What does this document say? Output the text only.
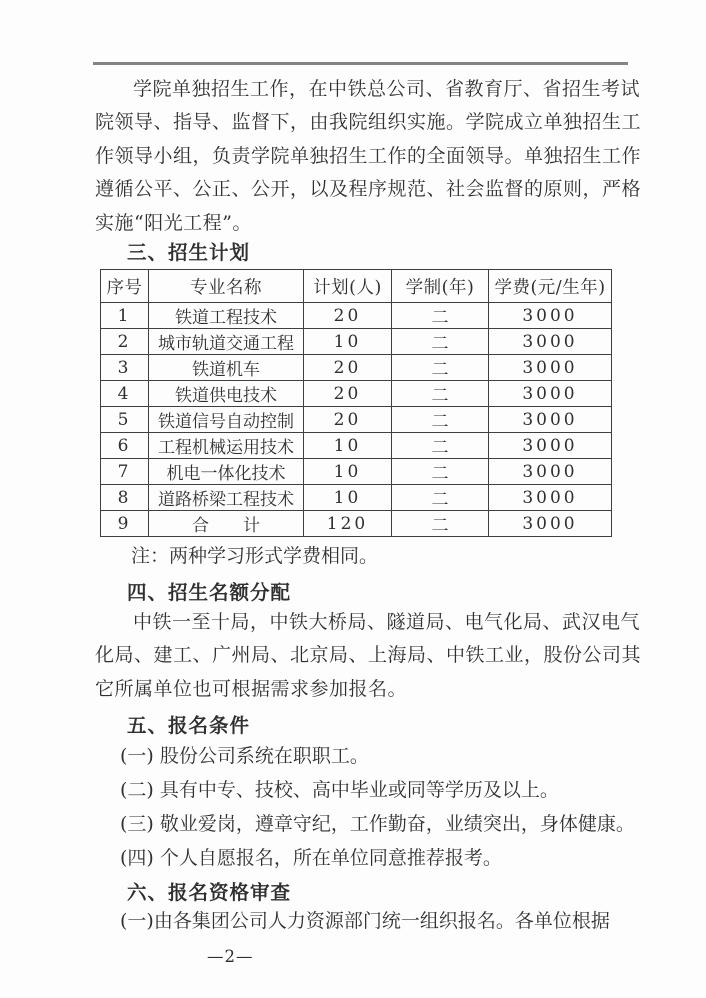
学院单独招生工作，在中铁总公司、省教育厅、省招生考试
院领导、指导、监督下，由我院组织实施。学院成立单独招生工
作领导小组，负责学院单独招生工作的全面领导。单独招生工作
遵循公平、公正、公开，以及程序规范、社会监督的原则，严格
实施“阳光工程”。

三、招生计划
序号	专业名称	计划(人)	学制(年)	学费(元/生年)
1	铁道工程技术	20	二	3000
2	城市轨道交通工程	10	二	3000
3	铁道机车	20	二	3000
4	铁道供电技术	20	二	3000
5	铁道信号自动控制	20	二	3000
6	工程机械运用技术	10	二	3000
7	机电一体化技术	10	二	3000
8	道路桥梁工程技术	10	二	3000
9	合　　计	120	二	3000

注：两种学习形式学费相同。

四、招生名额分配

中铁一至十局，中铁大桥局、隧道局、电气化局、武汉电气
化局、建工、广州局、北京局、上海局、中铁工业，股份公司其
它所属单位也可根据需求参加报名。

五、报名条件
(一) 股份公司系统在职职工。
(二) 具有中专、技校、高中毕业或同等学历及以上。
(三) 敬业爱岗，遵章守纪，工作勤奋，业绩突出，身体健康。
(四) 个人自愿报名，所在单位同意推荐报考。
六、报名资格审查
(一)由各集团公司人力资源部门统一组织报名。各单位根据
—2—
